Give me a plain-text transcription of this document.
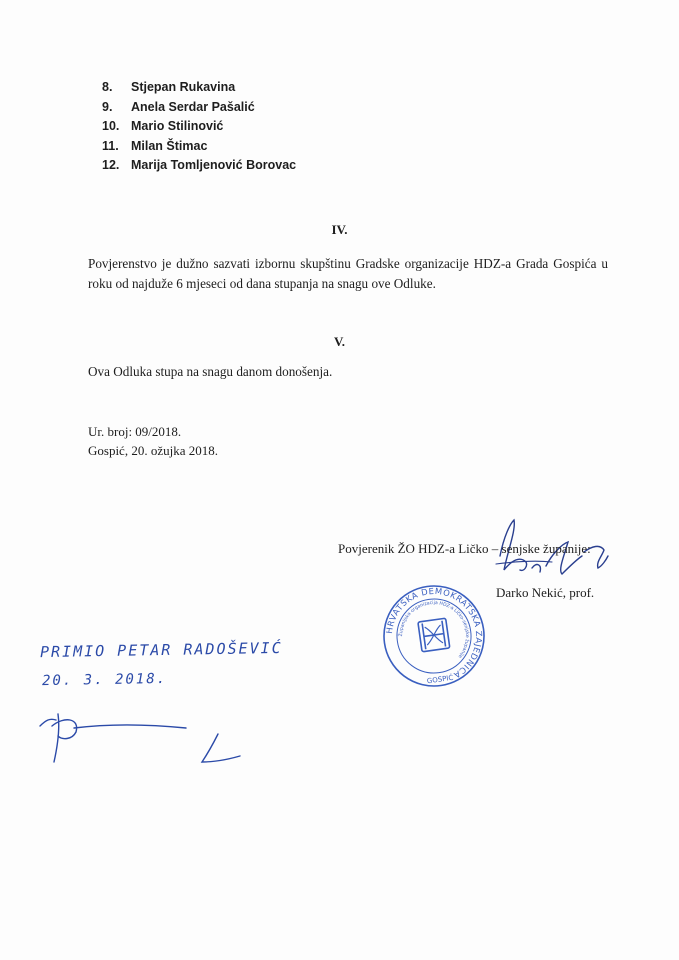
8.	Stjepan Rukavina
9.	Anela Serdar Pašalić
10. Mario Stilinović
11. Milan Štimac
12. Marija Tomljenović Borovac
IV.

Povjerenstvo je dužno sazvati izbornu skupštinu Gradske organizacije HDZ-a Grada Gospića u roku od najduže 6 mjeseci od dana stupanja na snagu ove Odluke.

V.

Ova Odluka stupa na snagu danom donošenja.

Ur. broj: 09/2018.
Gospić, 20. ožujka 2018.
Povjerenik ŽO HDZ-a Ličko – senjske županije:
Darko Nekić, prof.
HRVATSKA DEMOKRATSKA ZAJEDNICA
Županijska organizacija HDZ-a Ličko-senjske županije
GOSPIĆ
PRIMIO PETAR RADOŠEVIĆ
20. 3. 2018.
